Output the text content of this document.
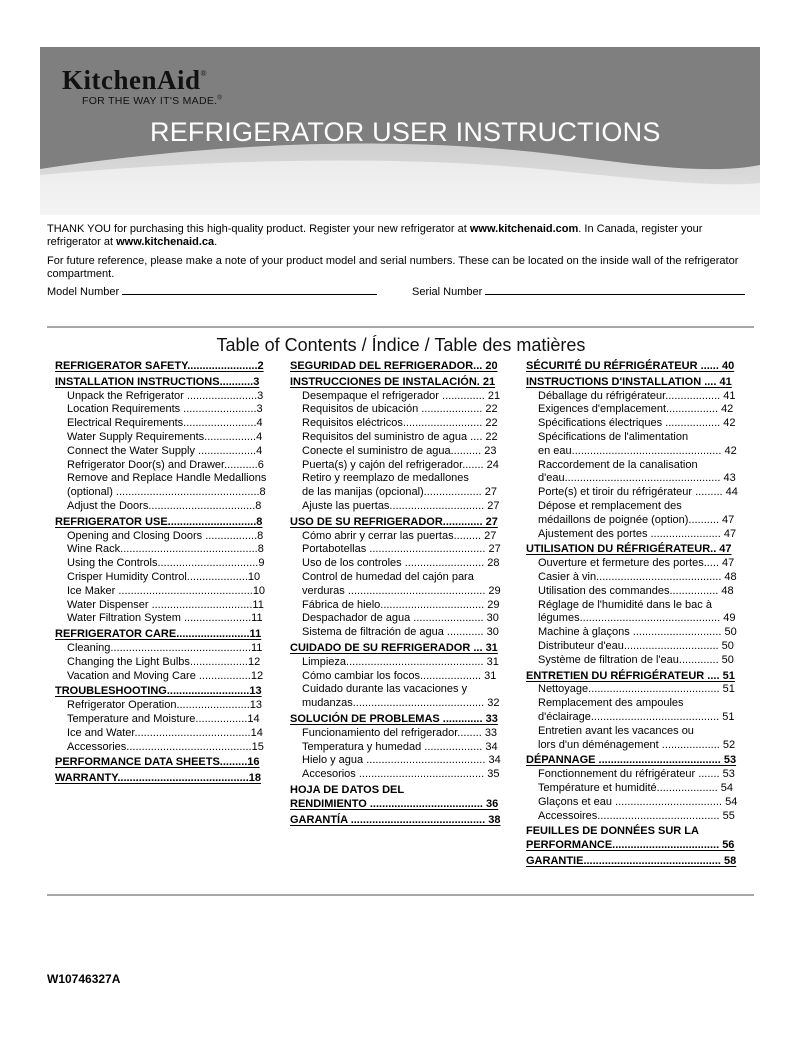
KitchenAid®
FOR THE WAY IT'S MADE.®
REFRIGERATOR USER INSTRUCTIONS

THANK YOU for purchasing this high-quality product. Register your new refrigerator at www.kitchenaid.com. In Canada, register your refrigerator at www.kitchenaid.ca.

For future reference, please make a note of your product model and serial numbers. These can be located on the inside wall of the refrigerator compartment.

Model Number	Serial Number
Table of Contents / Índice / Table des matières
REFRIGERATOR SAFETY.......................2
INSTALLATION INSTRUCTIONS...........3
Unpack the Refrigerator .......................3
Location Requirements ........................3
Electrical Requirements........................4
Water Supply Requirements.................4
Connect the Water Supply ...................4
Refrigerator Door(s) and Drawer...........6
Remove and Replace Handle Medallions
(optional) ...............................................8
Adjust the Doors...................................8
REFRIGERATOR USE.............................8
Opening and Closing Doors .................8
Wine Rack.............................................8
Using the Controls.................................9
Crisper Humidity Control....................10
Ice Maker ............................................10
Water Dispenser .................................11
Water Filtration System ......................11
REFRIGERATOR CARE........................11
Cleaning..............................................11
Changing the Light Bulbs...................12
Vacation and Moving Care .................12
TROUBLESHOOTING...........................13
Refrigerator Operation........................13
Temperature and Moisture.................14
Ice and Water......................................14
Accessories.........................................15
PERFORMANCE DATA SHEETS.........16
WARRANTY...........................................18
SEGURIDAD DEL REFRIGERADOR... 20
INSTRUCCIONES DE INSTALACIÓN. 21
Desempaque el refrigerador .............. 21
Requisitos de ubicación .................... 22
Requisitos eléctricos.......................... 22
Requisitos del suministro de agua .... 22
Conecte el suministro de agua.......... 23
Puerta(s) y cajón del refrigerador....... 24
Retiro y reemplazo de medallones
de las manijas (opcional)................... 27
Ajuste las puertas............................... 27
USO DE SU REFRIGERADOR............. 27
Cómo abrir y cerrar las puertas......... 27
Portabotellas ...................................... 27
Uso de los controles .......................... 28
Control de humedad del cajón para
verduras ............................................. 29
Fábrica de hielo.................................. 29
Despachador de agua ....................... 30
Sistema de filtración de agua ............ 30
CUIDADO DE SU REFRIGERADOR ... 31
Limpieza............................................. 31
Cómo cambiar los focos.................... 31
Cuidado durante las vacaciones y
mudanzas........................................... 32
SOLUCIÓN DE PROBLEMAS ............. 33
Funcionamiento del refrigerador........ 33
Temperatura y humedad ................... 34
Hielo y agua ....................................... 34
Accesorios ......................................... 35
HOJA DE DATOS DEL
RENDIMIENTO ..................................... 36
GARANTÍA ............................................ 38
SÉCURITÉ DU RÉFRIGÉRATEUR ...... 40
INSTRUCTIONS D'INSTALLATION .... 41
Déballage du réfrigérateur.................. 41
Exigences d'emplacement................. 42
Spécifications électriques .................. 42
Spécifications de l'alimentation
en eau................................................. 42
Raccordement de la canalisation
d'eau................................................... 43
Porte(s) et tiroir du réfrigérateur ......... 44
Dépose et remplacement des
médaillons de poignée (option).......... 47
Ajustement des portes ....................... 47
UTILISATION DU RÉFRIGÉRATEUR.. 47
Ouverture et fermeture des portes..... 47
Casier à vin......................................... 48
Utilisation des commandes................ 48
Réglage de l'humidité dans le bac à
légumes.............................................. 49
Machine à glaçons ............................. 50
Distributeur d'eau............................... 50
Système de filtration de l'eau............. 50
ENTRETIEN DU RÉFRIGÉRATEUR .... 51
Nettoyage........................................... 51
Remplacement des ampoules
d'éclairage.......................................... 51
Entretien avant les vacances ou
lors d'un déménagement ................... 52
DÉPANNAGE ........................................ 53
Fonctionnement du réfrigérateur ....... 53
Température et humidité.................... 54
Glaçons et eau ................................... 54
Accessoires........................................ 55
FEUILLES DE DONNÉES SUR LA
PERFORMANCE................................... 56
GARANTIE............................................. 58
W10746327A
